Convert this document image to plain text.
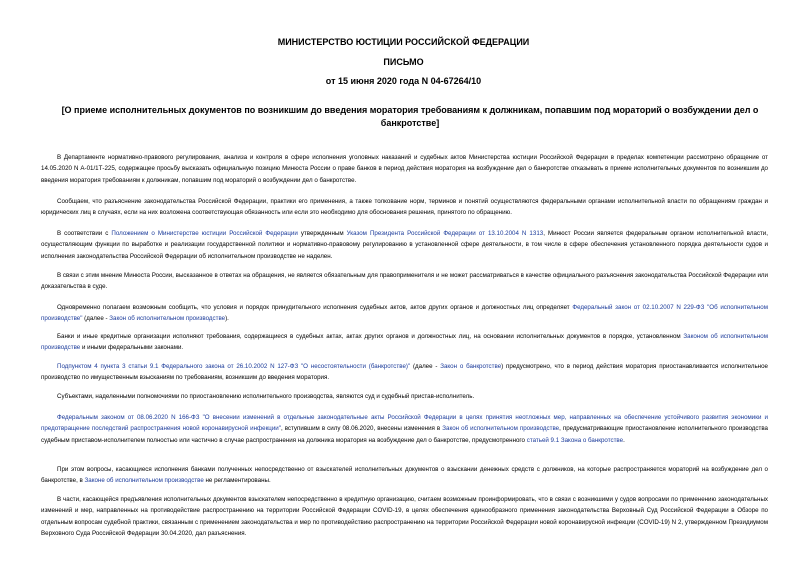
МИНИСТЕРСТВО ЮСТИЦИИ РОССИЙСКОЙ ФЕДЕРАЦИИ
ПИСЬМО
от 15 июня 2020 года N 04-67264/10
[О приеме исполнительных документов по возникшим до введения моратория требованиям к должникам, попавшим под мораторий о возбуждении дел о банкротстве]

В Департаменте нормативно-правового регулирования, анализа и контроля в сфере исполнения уголовных наказаний и судебных актов Министерства юстиции Российской Федерации в пределах компетенции рассмотрено обращение от 14.05.2020 N А-01/1Т-225, содержащее просьбу высказать официальную позицию Минюста России о праве банков в период действия моратория на возбуждение дел о банкротстве отказывать в приеме исполнительных документов по возникшим до введения моратория требованиям к должникам, попавшим под мораторий о возбуждении дел о банкротстве.

Сообщаем, что разъяснение законодательства Российской Федерации, практики его применения, а также толкование норм, терминов и понятий осуществляются федеральными органами исполнительной власти по обращениям граждан и юридических лиц в случаях, если на них возложена соответствующая обязанность или если это необходимо для обоснования решения, принятого по обращению.

В соответствии с Положением о Министерстве юстиции Российской Федерации утвержденным Указом Президента Российской Федерации от 13.10.2004 N 1313, Минюст России является федеральным органом исполнительной власти, осуществляющим функции по выработке и реализации государственной политики и нормативно-правовому регулированию в установленной сфере деятельности, в том числе в сфере обеспечения установленного порядка деятельности судов и исполнения законодательства Российской Федерации об исполнительном производстве не наделен.

В связи с этим мнение Минюста России, высказанное в ответах на обращения, не является обязательным для правоприменителя и не может рассматриваться в качестве официального разъяснения законодательства Российской Федерации или доказательства в суде.

Одновременно полагаем возможным сообщить, что условия и порядок принудительного исполнения судебных актов, актов других органов и должностных лиц определяет Федеральный закон от 02.10.2007 N 229-ФЗ "Об исполнительном производстве" (далее - Закон об исполнительном производстве).

Банки и иные кредитные организации исполняют требования, содержащиеся в судебных актах, актах других органов и должностных лиц, на основании исполнительных документов в порядке, установленном Законом об исполнительном производстве и иными федеральными законами.

Подпунктом 4 пункта 3 статьи 9.1 Федерального закона от 26.10.2002 N 127-ФЗ "О несостоятельности (банкротстве)" (далее - Закон о банкротстве) предусмотрено, что в период действия моратория приостанавливается исполнительное производство по имущественным взысканиям по требованиям, возникшим до введения моратория.

Субъектами, наделенными полномочиями по приостановлению исполнительного производства, являются суд и судебный пристав-исполнитель.

Федеральным законом от 08.06.2020 N 166-ФЗ "О внесении изменений в отдельные законодательные акты Российской Федерации в целях принятия неотложных мер, направленных на обеспечение устойчивого развития экономики и предотвращение последствий распространения новой коронавирусной инфекции", вступившим в силу 08.06.2020, внесены изменения в Закон об исполнительном производстве, предусматривающие приостановление исполнительного производства судебным приставом-исполнителем полностью или частично в случае распространения на должника моратория на возбуждение дел о банкротстве, предусмотренного статьей 9.1 Закона о банкротстве.

При этом вопросы, касающиеся исполнения банками полученных непосредственно от взыскателей исполнительных документов о взыскании денежных средств с должников, на которые распространяется мораторий на возбуждение дел о банкротстве, в Законе об исполнительном производстве не регламентированы.

В части, касающейся предъявления исполнительных документов взыскателем непосредственно в кредитную организацию, считаем возможным проинформировать, что в связи с возникшими у судов вопросами по применению законодательных изменений и мер, направленных на противодействие распространению на территории Российской Федерации COVID-19, в целях обеспечения единообразного применения законодательства Верховный Суд Российской Федерации в Обзоре по отдельным вопросам судебной практики, связанным с применением законодательства и мер по противодействию распространению на территории Российской Федерации новой коронавирусной инфекции (COVID-19) N 2, утвержденном Президиумом Верховного Суда Российской Федерации 30.04.2020, дал разъяснения.
